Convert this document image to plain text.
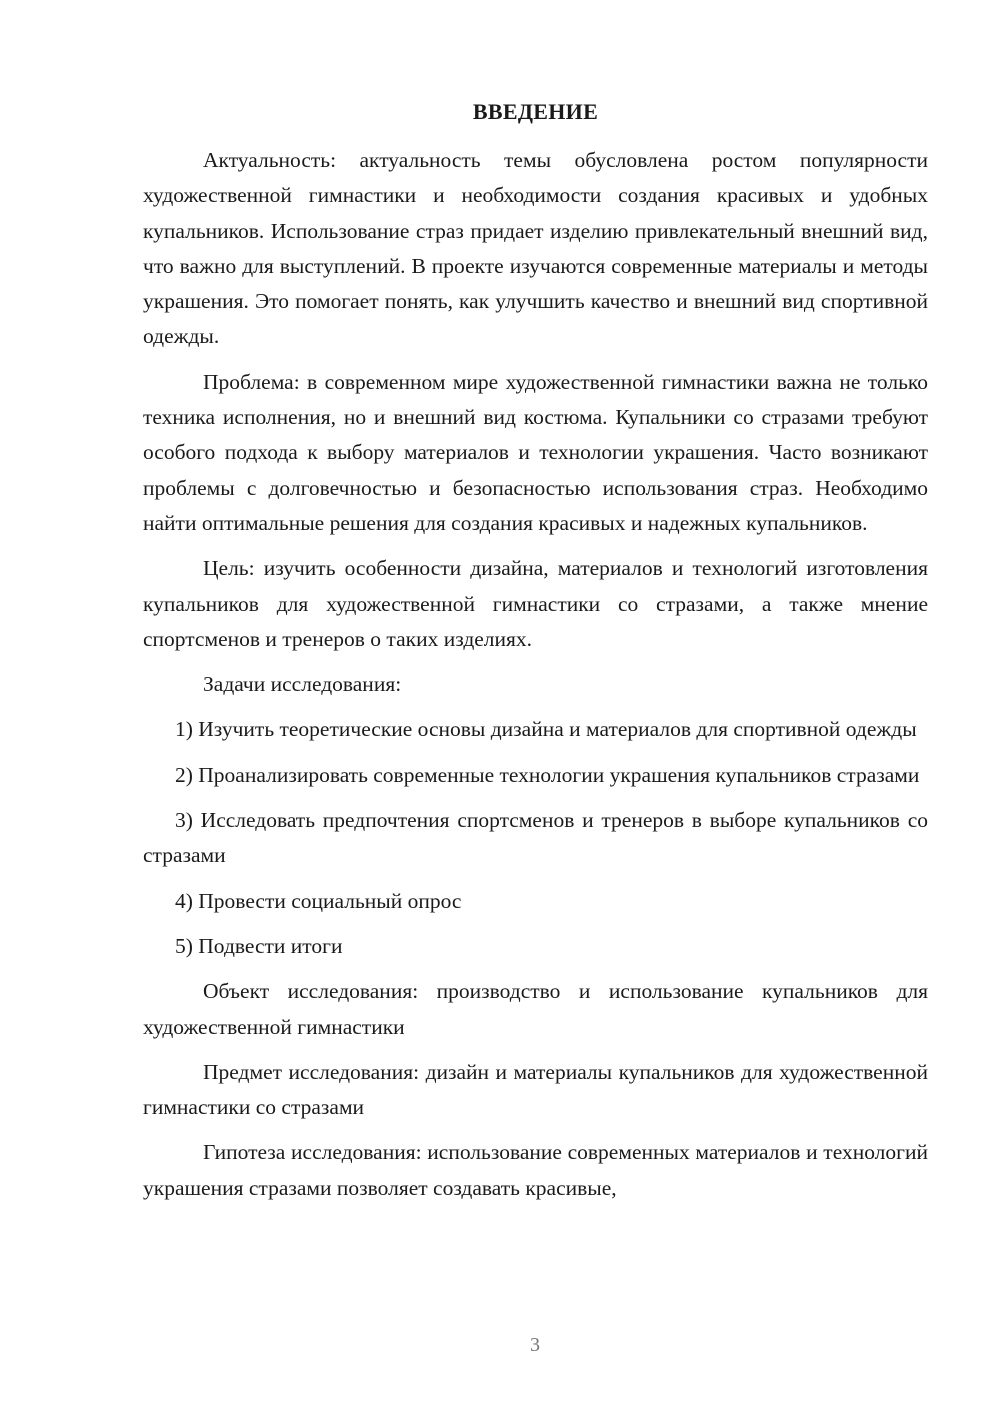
ВВЕДЕНИЕ

Актуальность: актуальность темы обусловлена ростом популярности художественной гимнастики и необходимости создания красивых и удобных купальников. Использование страз придает изделию привлекательный внешний вид, что важно для выступлений. В проекте изучаются современные материалы и методы украшения. Это помогает понять, как улучшить качество и внешний вид спортивной одежды.

Проблема: в современном мире художественной гимнастики важна не только техника исполнения, но и внешний вид костюма. Купальники со стразами требуют особого подхода к выбору материалов и технологии украшения. Часто возникают проблемы с долговечностью и безопасностью использования страз. Необходимо найти оптимальные решения для создания красивых и надежных купальников.

Цель: изучить особенности дизайна, материалов и технологий изготовления купальников для художественной гимнастики со стразами, а также мнение спортсменов и тренеров о таких изделиях.

Задачи исследования:

1) Изучить теоретические основы дизайна и материалов для спортивной одежды

2) Проанализировать современные технологии украшения купальников стразами

3) Исследовать предпочтения спортсменов и тренеров в выборе купальников со стразами

4) Провести социальный опрос

5) Подвести итоги

Объект исследования: производство и использование купальников для художественной гимнастики

Предмет исследования: дизайн и материалы купальников для художественной гимнастики со стразами

Гипотеза исследования: использование современных материалов и технологий украшения стразами позволяет создавать красивые,

3
